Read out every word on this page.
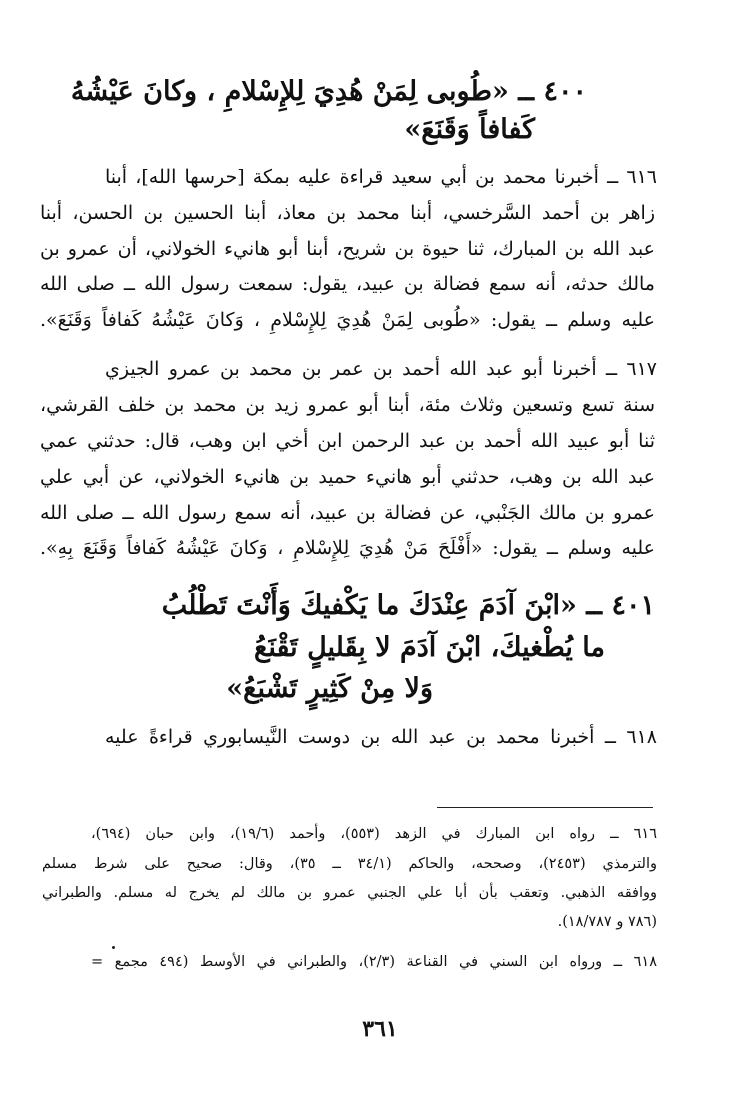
٤٠٠ ــ «طُوبى لِمَنْ هُدِيَ لِلإِسْلامِ ، وكانَ عَيْشُهُ
كَفافاً وَقَنَعَ»
٦١٦ ــ أخبرنا محمد بن أبي سعيد قراءة عليه بمكة [حرسها الله]، أبنا
زاهر بن أحمد السَّرخسي، أبنا محمد بن معاذ، أبنا الحسين بن الحسن، أبنا
عبد الله بن المبارك، ثنا حيوة بن شريح، أبنا أبو هانيء الخولاني، أن عمرو بن
مالك حدثه، أنه سمع فضالة بن عبيد، يقول: سمعت رسول الله ــ صلى الله
عليه وسلم ــ يقول: «طُوبى لِمَنْ هُدِيَ لِلإِسْلامِ ، وَكانَ عَيْشُهُ كَفافاً وَقَنَعَ».
٦١٧ ــ أخبرنا أبو عبد الله أحمد بن عمر بن محمد بن عمرو الجيزي
سنة تسع وتسعين وثلاث مئة، أبنا أبو عمرو زيد بن محمد بن خلف القرشي،
ثنا أبو عبيد الله أحمد بن عبد الرحمن ابن أخي ابن وهب، قال: حدثني عمي
عبد الله بن وهب، حدثني أبو هانيء حميد بن هانيء الخولاني، عن أبي علي
عمرو بن مالك الجَنْبي، عن فضالة بن عبيد، أنه سمع رسول الله ــ صلى الله
عليه وسلم ــ يقول: «أَفْلَحَ مَنْ هُدِيَ لِلإِسْلامِ ، وَكانَ عَيْشُهُ كَفافاً وَقَنَعَ بِهِ».
٤٠١ ــ «ابْنَ آدَمَ عِنْدَكَ ما يَكْفيكَ وَأَنْتَ تَطْلُبُ
ما يُطْغيكَ، ابْنَ آدَمَ لا بِقَليلٍ تَقْنَعُ
وَلا مِنْ كَثِيرٍ تَشْبَعُ»
٦١٨ ــ أخبرنا محمد بن عبد الله بن دوست النَّيسابوري قراءةً عليه
٦١٦ ــ رواه ابن المبارك في الزهد (٥٥٣)، وأحمد (١٩/٦)، وابن حبان (٦٩٤)،
والترمذي (٢٤٥٣)، وصححه، والحاكم (٣٤/١ ــ ٣٥)، وقال: صحيح على شرط مسلم
ووافقه الذهبي. وتعقب بأن أبا علي الجنبي عمرو بن مالك لم يخرج له مسلم. والطبراني
(٧٨٦ و ١٨/٧٨٧).
٦١٨ ــ ورواه ابن السني في القناعة (٢/٣)، والطبراني في الأوسط (٤٩٤ مجمع =
٣٦١
